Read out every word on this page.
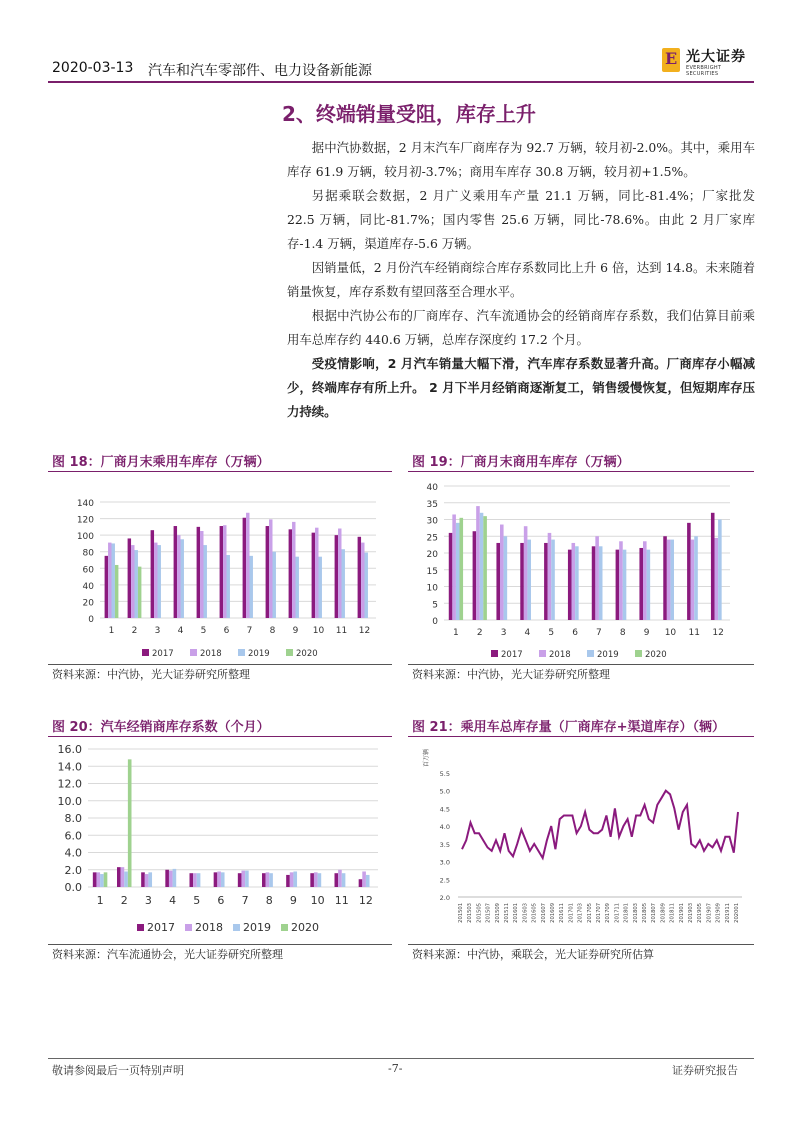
2020-03-13 汽车和汽车零部件、电力设备新能源
E 光大证券
EVERBRIGHT SECURITIES
2、终端销量受阻，库存上升
据中汽协数据，2 月末汽车厂商库存为 92.7 万辆，较月初-2.0%。其中，乘用车库存 61.9 万辆，较月初-3.7%；商用车库存 30.8 万辆，较月初+1.5%。
另据乘联会数据，2 月广义乘用车产量 21.1 万辆，同比-81.4%；厂家批发 22.5 万辆，同比-81.7%；国内零售 25.6 万辆，同比-78.6%。由此 2 月厂家库存-1.4 万辆，渠道库存-5.6 万辆。
因销量低，2 月份汽车经销商综合库存系数同比上升 6 倍，达到 14.8。未来随着销量恢复，库存系数有望回落至合理水平。
根据中汽协公布的厂商库存、汽车流通协会的经销商库存系数，我们估算目前乘用车总库存约 440.6 万辆，总库存深度约 17.2 个月。
受疫情影响，2 月汽车销量大幅下滑，汽车库存系数显著升高。厂商库存小幅减少，终端库存有所上升。 2 月下半月经销商逐渐复工，销售缓慢恢复，但短期库存压力持续。
图 18：厂商月末乘用车库存（万辆）
0
20
40
60
80
100
120
140
1 2 3 4 5 6 7 8 9 10 11 12
2017	2018	2019	2020
资料来源：中汽协，光大证券研究所整理
图 19：厂商月末商用车库存（万辆）
0
5
10
15
20
25
30
35
40
1 2 3 4 5 6 7 8 9 10 11 12
2017	2018	2019	2020
资料来源：中汽协，光大证券研究所整理
图 20：汽车经销商库存系数（个月）
0.0
2.0
4.0
6.0
8.0
10.0
12.0
14.0
16.0
1 2 3 4 5 6 7 8 9 10 11 12
2017 2018 2019 2020
资料来源：汽车流通协会，光大证券研究所整理
图 21：乘用车总库存量（厂商库存+渠道库存）（辆）
2.0
2.5
3.0
3.5
4.0
4.5
5.0
5.5
百万辆
201501 201503 201505 201507 201509 201511 201601 201603 201605 201607 201609 201611 201701 201703 201705 201707 201709 201711 201801 201803 201805 201807 201809 201811 201901 201903 201905 201907 201909 201911 202001
资料来源：中汽协，乘联会，光大证券研究所估算
敬请参阅最后一页特别声明	-7-	证券研究报告
